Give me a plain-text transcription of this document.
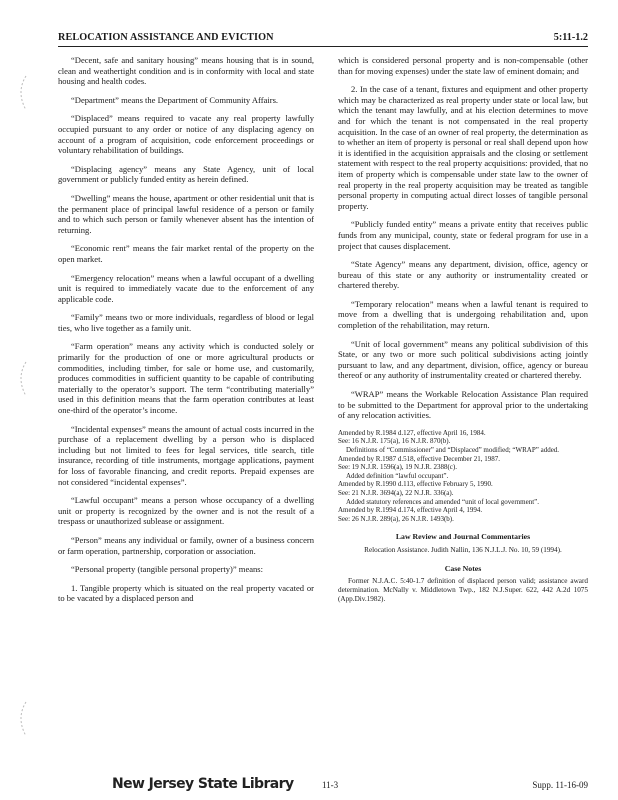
RELOCATION ASSISTANCE AND EVICTION	5:11-1.2

“Decent, safe and sanitary housing” means housing that is in sound, clean and weathertight condition and is in conformity with local and state housing and health codes.

“Department” means the Department of Community Affairs.

“Displaced” means required to vacate any real property lawfully occupied pursuant to any order or notice of any displacing agency on account of a program of acquisition, code enforcement proceedings or voluntary rehabilitation of buildings.

“Displacing agency” means any State Agency, unit of local government or publicly funded entity as herein defined.

“Dwelling” means the house, apartment or other residential unit that is the permanent place of principal lawful residence of a person or family and to which such person or family whenever absent has the intention of returning.

“Economic rent” means the fair market rental of the property on the open market.

“Emergency relocation” means when a lawful occupant of a dwelling unit is required to immediately vacate due to the enforcement of any applicable code.

“Family” means two or more individuals, regardless of blood or legal ties, who live together as a family unit.

“Farm operation” means any activity which is conducted solely or primarily for the production of one or more agricultural products or commodities, including timber, for sale or home use, and customarily, produces commodities in sufficient quantity to be capable of contributing materially to the operator’s support. The term “contributing materially” used in this definition means that the farm operation contributes at least one-third of the operator’s income.

“Incidental expenses” means the amount of actual costs incurred in the purchase of a replacement dwelling by a person who is displaced including but not limited to fees for legal services, title search, title insurance, recording of title instruments, mortgage applications, payment for loss of favorable financing, and credit reports. Prepaid expenses are not considered “incidental expenses”.

“Lawful occupant” means a person whose occupancy of a dwelling unit or property is recognized by the owner and is not the result of a trespass or unauthorized sublease or assignment.

“Person” means any individual or family, owner of a business concern or farm operation, partnership, corporation or association.

“Personal property (tangible personal property)” means:

1. Tangible property which is situated on the real property vacated or to be vacated by a displaced person and

which is considered personal property and is non-compensable (other than for moving expenses) under the state law of eminent domain; and

2. In the case of a tenant, fixtures and equipment and other property which may be characterized as real property under state or local law, but which the tenant may lawfully, and at his election determines to move and for which the tenant is not compensated in the real property acquisition. In the case of an owner of real property, the determination as to whether an item of property is personal or real shall depend upon how it is identified in the acquisition appraisals and the closing or settlement statement with respect to the real property acquisitions: provided, that no item of property which is compensable under state law to the owner of real property in the real property acquisition may be treated as tangible personal property in computing actual direct losses of tangible personal property.

“Publicly funded entity” means a private entity that receives public funds from any municipal, county, state or federal program for use in a project that causes displacement.

“State Agency” means any department, division, office, agency or bureau of this state or any authority or instrumentality created or chartered thereby.

“Temporary relocation” means when a lawful tenant is required to move from a dwelling that is undergoing rehabilitation and, upon completion of the rehabilitation, may return.

“Unit of local government” means any political subdivision of this State, or any two or more such political subdivisions acting jointly pursuant to law, and any department, division, office, agency or bureau thereof or any authority of instrumentality created or chartered thereby.

“WRAP” means the Workable Relocation Assistance Plan required to be submitted to the Department for approval prior to the undertaking of any relocation activities.

Amended by R.1984 d.127, effective April 16, 1984.
See: 16 N.J.R. 175(a), 16 N.J.R. 870(b).
Definitions of “Commissioner” and “Displaced” modified; “WRAP” added.
Amended by R.1987 d.518, effective December 21, 1987.
See: 19 N.J.R. 1596(a), 19 N.J.R. 2388(c).
Added definition “lawful occupant”.
Amended by R.1990 d.113, effective February 5, 1990.
See: 21 N.J.R. 3694(a), 22 N.J.R. 336(a).
Added statutory references and amended “unit of local government”.
Amended by R.1994 d.174, effective April 4, 1994.
See: 26 N.J.R. 289(a), 26 N.J.R. 1493(b).
Law Review and Journal Commentaries
Relocation Assistance. Judith Nallin, 136 N.J.L.J. No. 10, 59 (1994).
Case Notes
Former N.J.A.C. 5:40-1.7 definition of displaced person valid; assistance award determination. McNally v. Middletown Twp., 182 N.J.Super. 622, 442 A.2d 1075 (App.Div.1982).
New Jersey State Library	11-3	Supp. 11-16-09
